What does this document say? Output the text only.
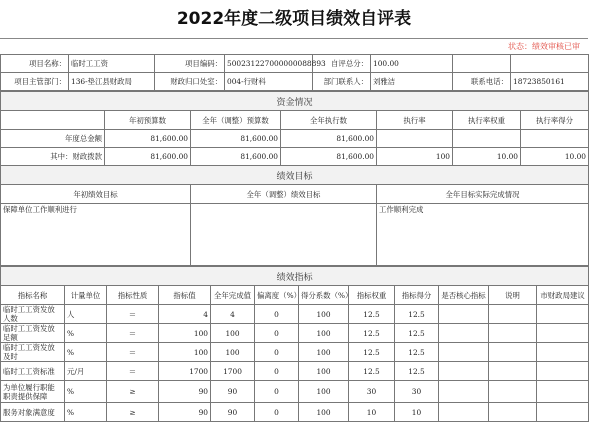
2022年度二级项目绩效自评表
状态：绩效审核已审
项目名称：	临时工工资	项目编码：	500231227000000088893	自评总分：	100.00		
项目主管部门：	136-垫江县财政局	财政归口处室：	004-行财科	部门联系人：	刘雅洁	联系电话：	18723850161
资金情况						
	年初预算数	全年（调整）预算数	全年执行数	执行率	执行率权重	执行率得分
年度总金额	81,600.00	81,600.00	81,600.00			
其中：财政拨款	81,600.00	81,600.00	81,600.00	100	10.00	10.00
绩效目标		
年初绩效目标	全年（调整）绩效目标	全年目标实际完成情况
保障单位工作顺利进行		工作顺利完成
绩效指标											
指标名称	计量单位	指标性质	指标值	全年完成值	偏离度（%）	得分系数（%）	指标权重	指标得分	是否核心指标	说明	市财政局建议
临时工工资发放人数	人	＝	4	4	0	100	12.5	12.5			
临时工工资发放足额	%	＝	100	100	0	100	12.5	12.5			
临时工工资发放及时	%	＝	100	100	0	100	12.5	12.5			
临时工工资标准	元/月	＝	1700	1700	0	100	12.5	12.5			
为单位履行职能职责提供保障	%	≥	90	90	0	100	30	30			
服务对象满意度	%	≥	90	90	0	100	10	10			
